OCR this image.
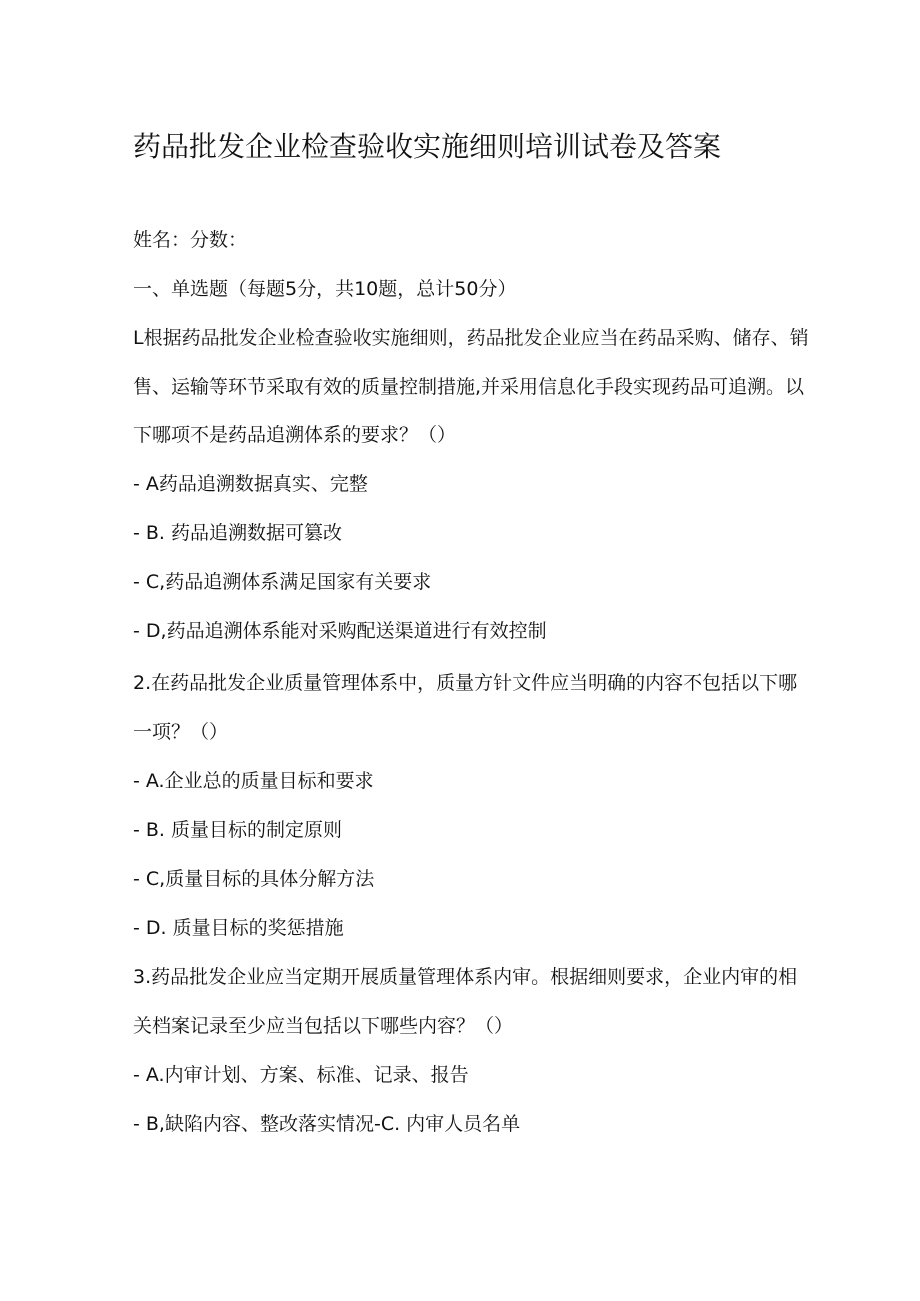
药品批发企业检查验收实施细则培训试卷及答案
姓名：分数：
一、单选题（每题5分，共10题，总计50分）
L根据药品批发企业检查验收实施细则，药品批发企业应当在药品采购、储存、销
售、运输等环节采取有效的质量控制措施,并采用信息化手段实现药品可追溯。以
下哪项不是药品追溯体系的要求？（）
- A药品追溯数据真实、完整
- B. 药品追溯数据可篡改
- C,药品追溯体系满足国家有关要求
- D,药品追溯体系能对采购配送渠道进行有效控制
2.在药品批发企业质量管理体系中，质量方针文件应当明确的内容不包括以下哪
一项？（）
- A.企业总的质量目标和要求
- B. 质量目标的制定原则
- C,质量目标的具体分解方法
- D. 质量目标的奖惩措施
3.药品批发企业应当定期开展质量管理体系内审。根据细则要求，企业内审的相
关档案记录至少应当包括以下哪些内容？（）
- A.内审计划、方案、标准、记录、报告
- B,缺陷内容、整改落实情况-C. 内审人员名单
